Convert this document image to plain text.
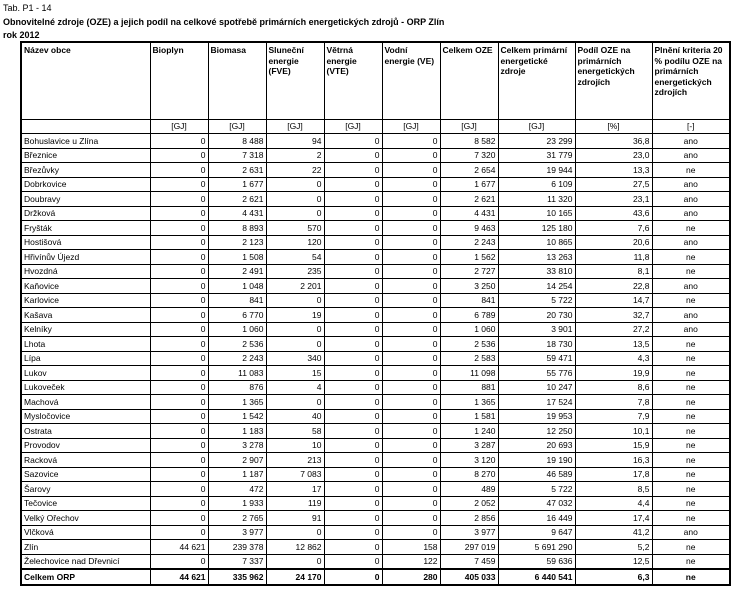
Tab. P1 - 14
Obnovitelné zdroje (OZE) a jejich podíl na celkové spotřebě primárních energetických zdrojů - ORP Zlín
rok 2012
Název obce	Bioplyn	Biomasa	Sluneční energie (FVE)	Větrná energie (VTE)	Vodní energie (VE)	Celkem OZE	Celkem primární energetické zdroje	Podíl OZE na primárních energetických zdrojích	Plnění kriteria 20 % podílu OZE na primárních energetických zdrojích
	[GJ]	[GJ]	[GJ]	[GJ]	[GJ]	[GJ]	[GJ]	[%]	[-]
Bohuslavice u Zlína	0	8 488	94	0	0	8 582	23 299	36,8	ano
Březnice	0	7 318	2	0	0	7 320	31 779	23,0	ano
Březůvky	0	2 631	22	0	0	2 654	19 944	13,3	ne
Dobrkovice	0	1 677	0	0	0	1 677	6 109	27,5	ano
Doubravy	0	2 621	0	0	0	2 621	11 320	23,1	ano
Držková	0	4 431	0	0	0	4 431	10 165	43,6	ano
Fryšták	0	8 893	570	0	0	9 463	125 180	7,6	ne
Hostišová	0	2 123	120	0	0	2 243	10 865	20,6	ano
Hřivínův Újezd	0	1 508	54	0	0	1 562	13 263	11,8	ne
Hvozdná	0	2 491	235	0	0	2 727	33 810	8,1	ne
Kaňovice	0	1 048	2 201	0	0	3 250	14 254	22,8	ano
Karlovice	0	841	0	0	0	841	5 722	14,7	ne
Kašava	0	6 770	19	0	0	6 789	20 730	32,7	ano
Kelníky	0	1 060	0	0	0	1 060	3 901	27,2	ano
Lhota	0	2 536	0	0	0	2 536	18 730	13,5	ne
Lípa	0	2 243	340	0	0	2 583	59 471	4,3	ne
Lukov	0	11 083	15	0	0	11 098	55 776	19,9	ne
Lukoveček	0	876	4	0	0	881	10 247	8,6	ne
Machová	0	1 365	0	0	0	1 365	17 524	7,8	ne
Mysločovice	0	1 542	40	0	0	1 581	19 953	7,9	ne
Ostrata	0	1 183	58	0	0	1 240	12 250	10,1	ne
Provodov	0	3 278	10	0	0	3 287	20 693	15,9	ne
Racková	0	2 907	213	0	0	3 120	19 190	16,3	ne
Sazovice	0	1 187	7 083	0	0	8 270	46 589	17,8	ne
Šarovy	0	472	17	0	0	489	5 722	8,5	ne
Tečovice	0	1 933	119	0	0	2 052	47 032	4,4	ne
Velký Ořechov	0	2 765	91	0	0	2 856	16 449	17,4	ne
Vlčková	0	3 977	0	0	0	3 977	9 647	41,2	ano
Zlín	44 621	239 378	12 862	0	158	297 019	5 691 290	5,2	ne
Želechovice nad Dřevnicí	0	7 337	0	0	122	7 459	59 636	12,5	ne
Celkem ORP	44 621	335 962	24 170	0	280	405 033	6 440 541	6,3	ne
